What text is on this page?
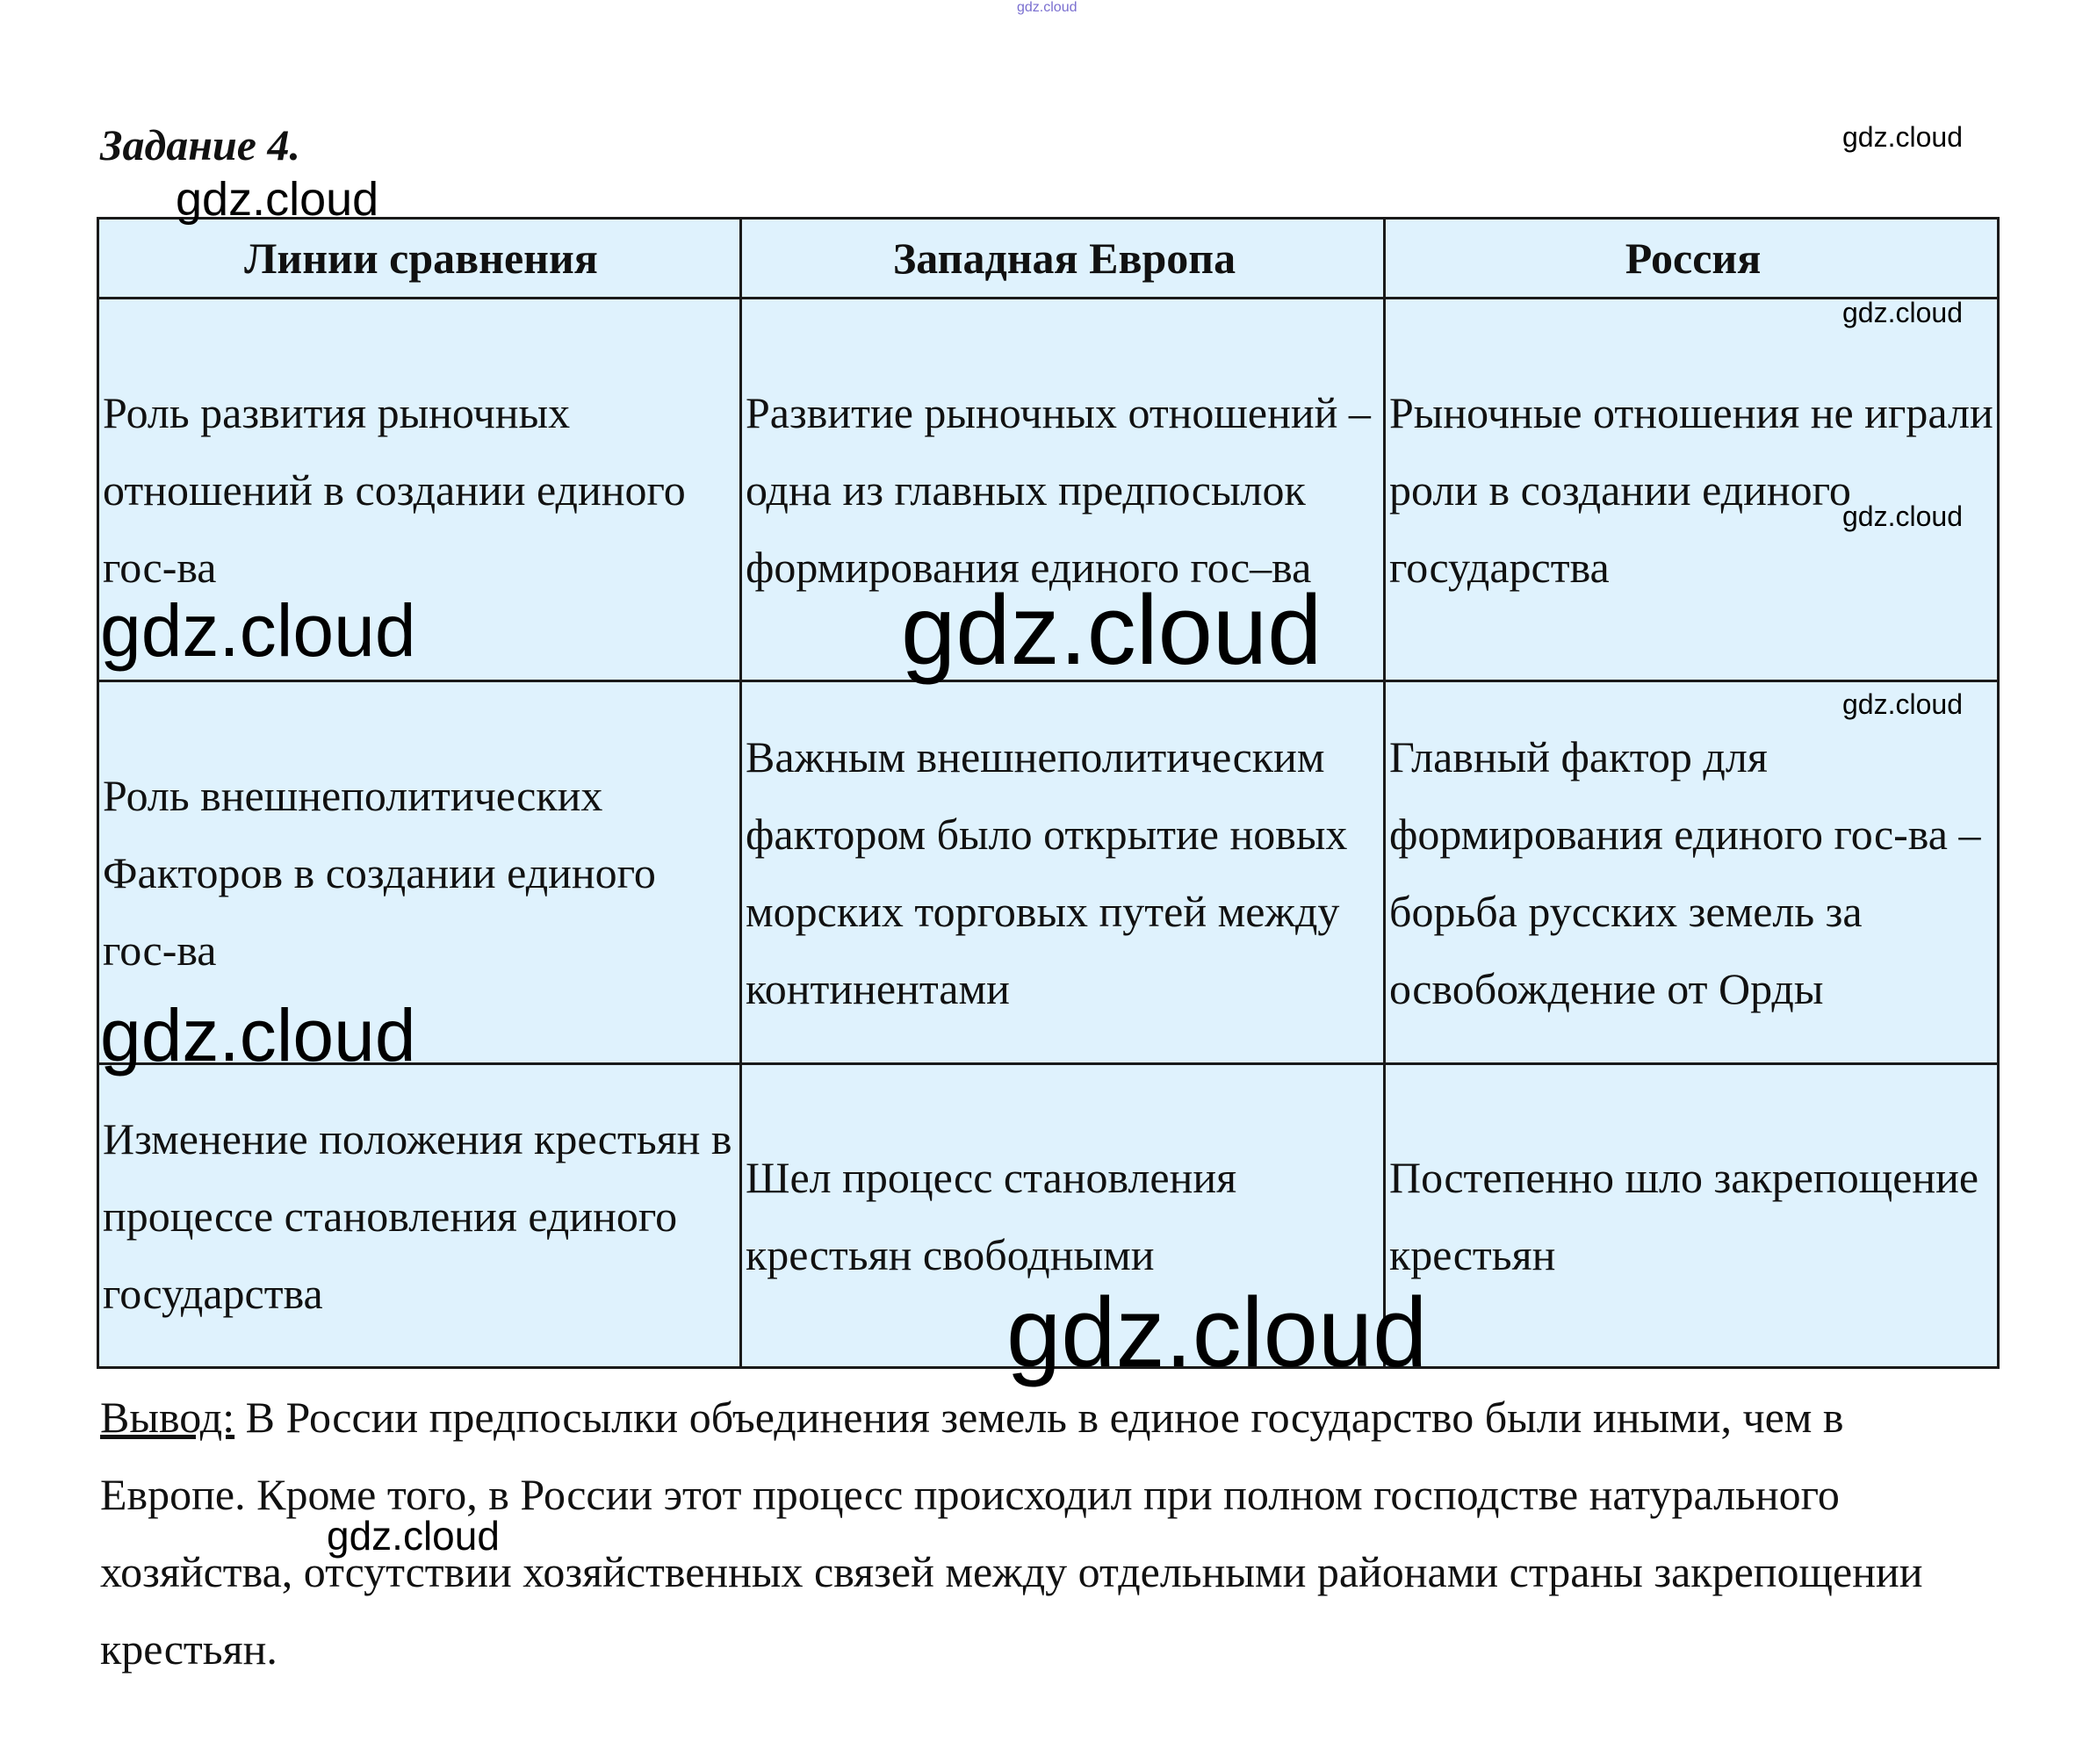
gdz.cloud
Задание 4.
Линии сравнения	Западная Европа	Россия
Роль развития рыночных отношений в создании единого гос-ва	Развитие рыночных отношений – одна из главных предпосылок формирования единого гос–ва	Рыночные отношения не играли роли в создании единого государства
Роль внешнеполитических Факторов в создании единого гос-ва	Важным внешнеполитическим фактором было открытие новых морских торговых путей между континентами	Главный фактор для формирования единого гос-ва – борьба русских земель за освобождение от Орды
Изменение положения крестьян в процессе становления единого государства	Шел процесс становления крестьян свободными	Постепенно шло закрепощение крестьян
Вывод: В России предпосылки объединения земель в единое государство были иными, чем в Европе. Кроме того, в России этот процесс происходил при полном господстве натурального хозяйства, отсутствии хозяйственных связей между отдельными районами страны закрепощении крестьян.
gdz.cloud
gdz.cloud
gdz.cloud
gdz.cloud
gdz.cloud	gdz.cloud
gdz.cloud
gdz.cloud
gdz.cloud
gdz.cloud
